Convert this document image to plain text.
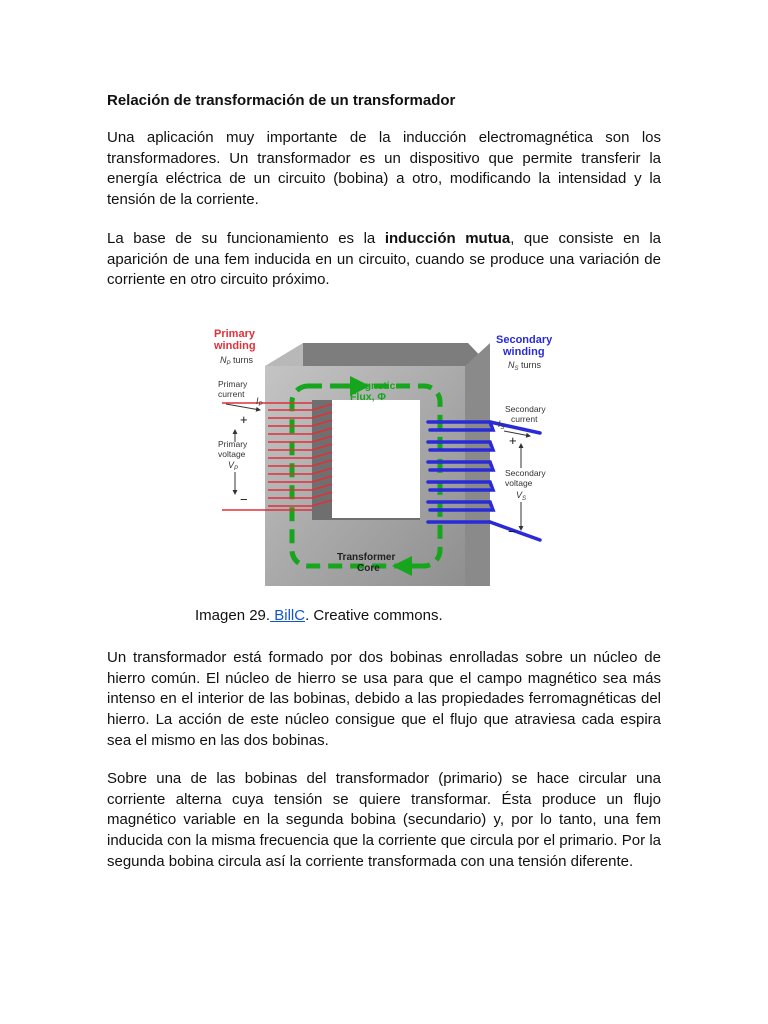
Relación de transformación de un transformador

Una aplicación muy importante de la inducción electromagnética son los transformadores. Un transformador es un dispositivo que permite transferir la energía eléctrica de un circuito (bobina) a otro, modificando la intensidad y la tensión de la corriente.

La base de su funcionamiento es la inducción mutua, que consiste en la aparición de una fem inducida en un circuito, cuando se produce una variación de corriente en otro circuito próximo.

Primary
winding
$N_P$ turns
Primary
current
$I_P$
+
Primary
voltage
$V_P$
−
Secondary
winding
$N_S$ turns
Secondary
current
$I_S$
+
Secondary
voltage
$V_S$
−
Magnetic
Flux, Φ
Transformer
Core

Imagen 29. BillC. Creative commons.

Un transformador está formado por dos bobinas enrolladas sobre un núcleo de hierro común. El núcleo de hierro se usa para que el campo magnético sea más intenso en el interior de las bobinas, debido a las propiedades ferromagnéticas del hierro. La acción de este núcleo consigue que el flujo que atraviesa cada espira sea el mismo en las dos bobinas.

Sobre una de las bobinas del transformador (primario) se hace circular una corriente alterna cuya tensión se quiere transformar. Ésta produce un flujo magnético variable en la segunda bobina (secundario) y, por lo tanto, una fem inducida con la misma frecuencia que la corriente que circula por el primario. Por la segunda bobina circula así la corriente transformada con una tensión diferente.
